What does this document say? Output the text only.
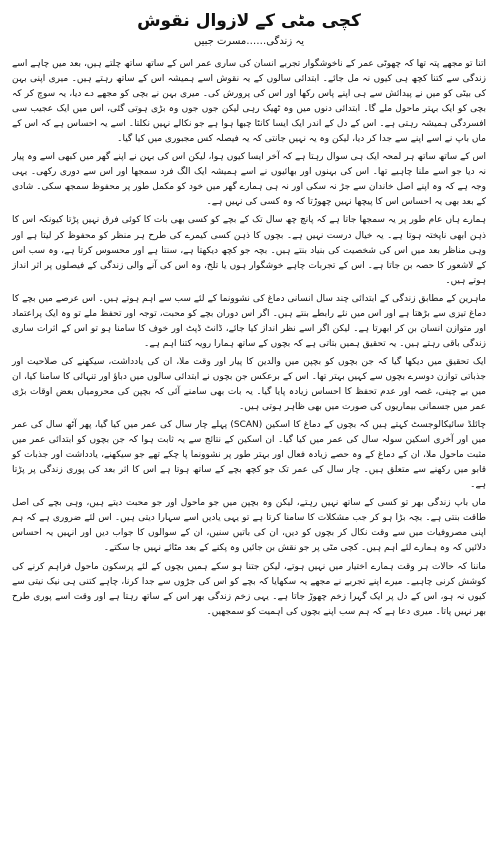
کچی مٹی کے لازوال نقوش
یہ زندگی……مسرت جبیں

اتنا تو مجھے پتہ تھا کہ چھوٹی عمر کے ناخوشگوار تجربے انسان کی ساری عمر اس کے ساتھ ساتھ چلتے ہیں، بعد میں چاہے اسے زندگی سے کتنا کچھ ہی کیوں نہ مل جائے۔ ابتدائی سالوں کے یہ نقوش اسے ہمیشہ اس کے ساتھ رہتے ہیں۔ میری اپنی بہن کی بیٹی کو میں نے پیدائش سے ہی اپنے پاس رکھا اور اس کی پرورش کی۔ میری بہن نے بچی کو مجھے دے دیا، یہ سوچ کر کہ بچی کو ایک بہتر ماحول ملے گا۔ ابتدائی دنوں میں وہ ٹھیک رہی لیکن جوں جوں وہ بڑی ہوتی گئی، اس میں ایک عجیب سی افسردگی ہمیشہ رہتی ہے۔ اس کے دل کے اندر ایک ایسا کانٹا چبھا ہوا ہے جو نکالے نہیں نکلتا۔ اسے یہ احساس ہے کہ اس کے ماں باپ نے اسے اپنے سے جدا کر دیا، لیکن وہ یہ نہیں جانتی کہ یہ فیصلہ کس مجبوری میں کیا گیا۔

اس کے ساتھ ساتھ ہر لمحہ ایک ہی سوال رہتا ہے کہ آخر ایسا کیوں ہوا، لیکن اس کی بہن نے اپنے گھر میں کبھی اسے وہ پیار نہ دیا جو اسے ملنا چاہیے تھا۔ اس کی بہنوں اور بھائیوں نے اسے ہمیشہ ایک الگ فرد سمجھا اور اس سے دوری رکھی۔ یہی وجہ ہے کہ وہ اپنے اصل خاندان سے جڑ نہ سکی اور نہ ہی ہمارے گھر میں خود کو مکمل طور پر محفوظ سمجھ سکی۔ شادی کے بعد بھی یہ احساس اس کا پیچھا نہیں چھوڑتا کہ وہ کسی کی نہیں ہے۔

ہمارے ہاں عام طور پر یہ سمجھا جاتا ہے کہ پانچ چھ سال تک کے بچے کو کسی بھی بات کا کوئی فرق نہیں پڑتا کیونکہ اس کا ذہن ابھی ناپختہ ہوتا ہے۔ یہ خیال درست نہیں ہے۔ بچوں کا ذہن کسی کیمرے کی طرح ہر منظر کو محفوظ کر لیتا ہے اور وہی مناظر بعد میں اس کی شخصیت کی بنیاد بنتے ہیں۔ بچہ جو کچھ دیکھتا ہے، سنتا ہے اور محسوس کرتا ہے، وہ سب اس کے لاشعور کا حصہ بن جاتا ہے۔ اس کے تجربات چاہے خوشگوار ہوں یا تلخ، وہ اس کی آنے والی زندگی کے فیصلوں پر اثر انداز ہوتے ہیں۔

ماہرین کے مطابق زندگی کے ابتدائی چند سال انسانی دماغ کی نشوونما کے لئے سب سے اہم ہوتے ہیں۔ اس عرصے میں بچے کا دماغ تیزی سے بڑھتا ہے اور اس میں نئے رابطے بنتے ہیں۔ اگر اس دوران بچے کو محبت، توجہ اور تحفظ ملے تو وہ ایک پراعتماد اور متوازن انسان بن کر ابھرتا ہے۔ لیکن اگر اسے نظر انداز کیا جائے، ڈانٹ ڈپٹ اور خوف کا سامنا ہو تو اس کے اثرات ساری زندگی باقی رہتے ہیں۔ یہ تحقیق ہمیں بتاتی ہے کہ بچوں کے ساتھ ہمارا رویہ کتنا اہم ہے۔

ایک تحقیق میں دیکھا گیا کہ جن بچوں کو بچپن میں والدین کا پیار اور وقت ملا، ان کی یادداشت، سیکھنے کی صلاحیت اور جذباتی توازن دوسرے بچوں سے کہیں بہتر تھا۔ اس کے برعکس جن بچوں نے ابتدائی سالوں میں دباؤ اور تنہائی کا سامنا کیا، ان میں بے چینی، غصہ اور عدم تحفظ کا احساس زیادہ پایا گیا۔ یہ بات بھی سامنے آئی کہ بچپن کی محرومیاں بعض اوقات بڑی عمر میں جسمانی بیماریوں کی صورت میں بھی ظاہر ہوتی ہیں۔

چائلڈ سائیکالوجسٹ کہتے ہیں کہ بچوں کے دماغ کا اسکین (SCAN) پہلے چار سال کی عمر میں کیا گیا، پھر آٹھ سال کی عمر میں اور آخری اسکین سولہ سال کی عمر میں کیا گیا۔ ان اسکین کے نتائج سے یہ ثابت ہوا کہ جن بچوں کو ابتدائی عمر میں مثبت ماحول ملا، ان کے دماغ کے وہ حصے زیادہ فعال اور بہتر طور پر نشوونما پا چکے تھے جو سیکھنے، یادداشت اور جذبات کو قابو میں رکھنے سے متعلق ہیں۔ چار سال کی عمر تک جو کچھ بچے کے ساتھ ہوتا ہے اس کا اثر بعد کی پوری زندگی پر پڑتا ہے۔

ماں باپ زندگی بھر تو کسی کے ساتھ نہیں رہتے، لیکن وہ بچپن میں جو ماحول اور جو محبت دیتے ہیں، وہی بچے کی اصل طاقت بنتی ہے۔ بچہ بڑا ہو کر جب مشکلات کا سامنا کرتا ہے تو یہی یادیں اسے سہارا دیتی ہیں۔ اس لئے ضروری ہے کہ ہم اپنی مصروفیات میں سے وقت نکال کر بچوں کو دیں، ان کی باتیں سنیں، ان کے سوالوں کا جواب دیں اور انہیں یہ احساس دلائیں کہ وہ ہمارے لئے اہم ہیں۔ کچی مٹی پر جو نقش بن جائیں وہ پکنے کے بعد مٹائے نہیں جا سکتے۔

ماننا کہ حالات ہر وقت ہمارے اختیار میں نہیں ہوتے، لیکن جتنا ہو سکے ہمیں بچوں کے لئے پرسکون ماحول فراہم کرنے کی کوشش کرنی چاہیے۔ میرے اپنے تجربے نے مجھے یہ سکھایا کہ بچے کو اس کی جڑوں سے جدا کرنا، چاہے کتنی ہی نیک نیتی سے کیوں نہ ہو، اس کے دل پر ایک گہرا زخم چھوڑ جاتا ہے۔ یہی زخم زندگی بھر اس کے ساتھ رہتا ہے اور وقت اسے پوری طرح بھر نہیں پاتا۔ میری دعا ہے کہ ہم سب اپنے بچوں کی اہمیت کو سمجھیں۔
